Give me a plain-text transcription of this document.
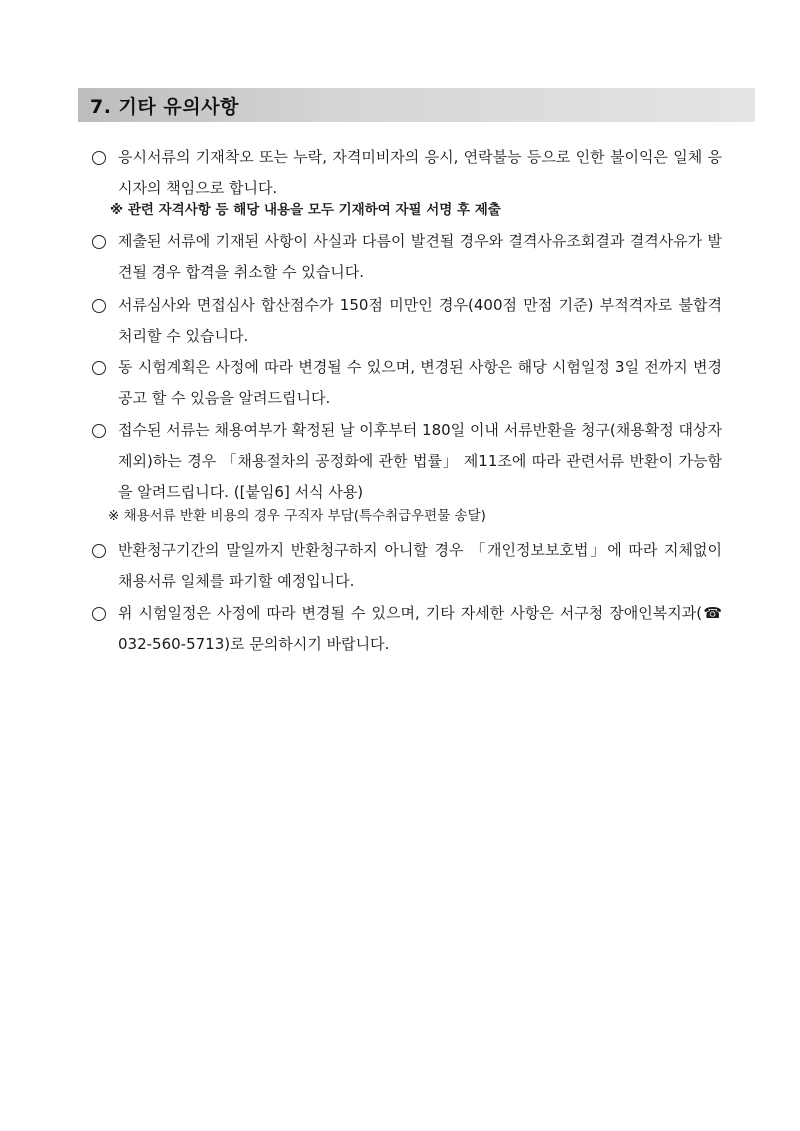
7. 기타 유의사항
응시서류의 기재착오 또는 누락, 자격미비자의 응시, 연락불능 등으로 인한 불이익은 일체 응시자의 책임으로 합니다.
※ 관련 자격사항 등 해당 내용을 모두 기재하여 자필 서명 후 제출
제출된 서류에 기재된 사항이 사실과 다름이 발견될 경우와 결격사유조회결과 결격사유가 발견될 경우 합격을 취소할 수 있습니다.
서류심사와 면접심사 합산점수가 150점 미만인 경우(400점 만점 기준) 부적격자로 불합격처리할 수 있습니다.
동 시험계획은 사정에 따라 변경될 수 있으며, 변경된 사항은 해당 시험일정 3일 전까지 변경공고 할 수 있음을 알려드립니다.
접수된 서류는 채용여부가 확정된 날 이후부터 180일 이내 서류반환을 청구(채용확정 대상자 제외)하는 경우 「채용절차의 공정화에 관한 법률」 제11조에 따라 관련서류 반환이 가능함을 알려드립니다. ([붙임6] 서식 사용)
※ 채용서류 반환 비용의 경우 구직자 부담(특수취급우편물 송달)
반환청구기간의 말일까지 반환청구하지 아니할 경우 「개인정보보호법」에 따라 지체없이 채용서류 일체를 파기할 예정입니다.
위 시험일정은 사정에 따라 변경될 수 있으며, 기타 자세한 사항은 서구청 장애인복지과(☎ 032-560-5713)로 문의하시기 바랍니다.
